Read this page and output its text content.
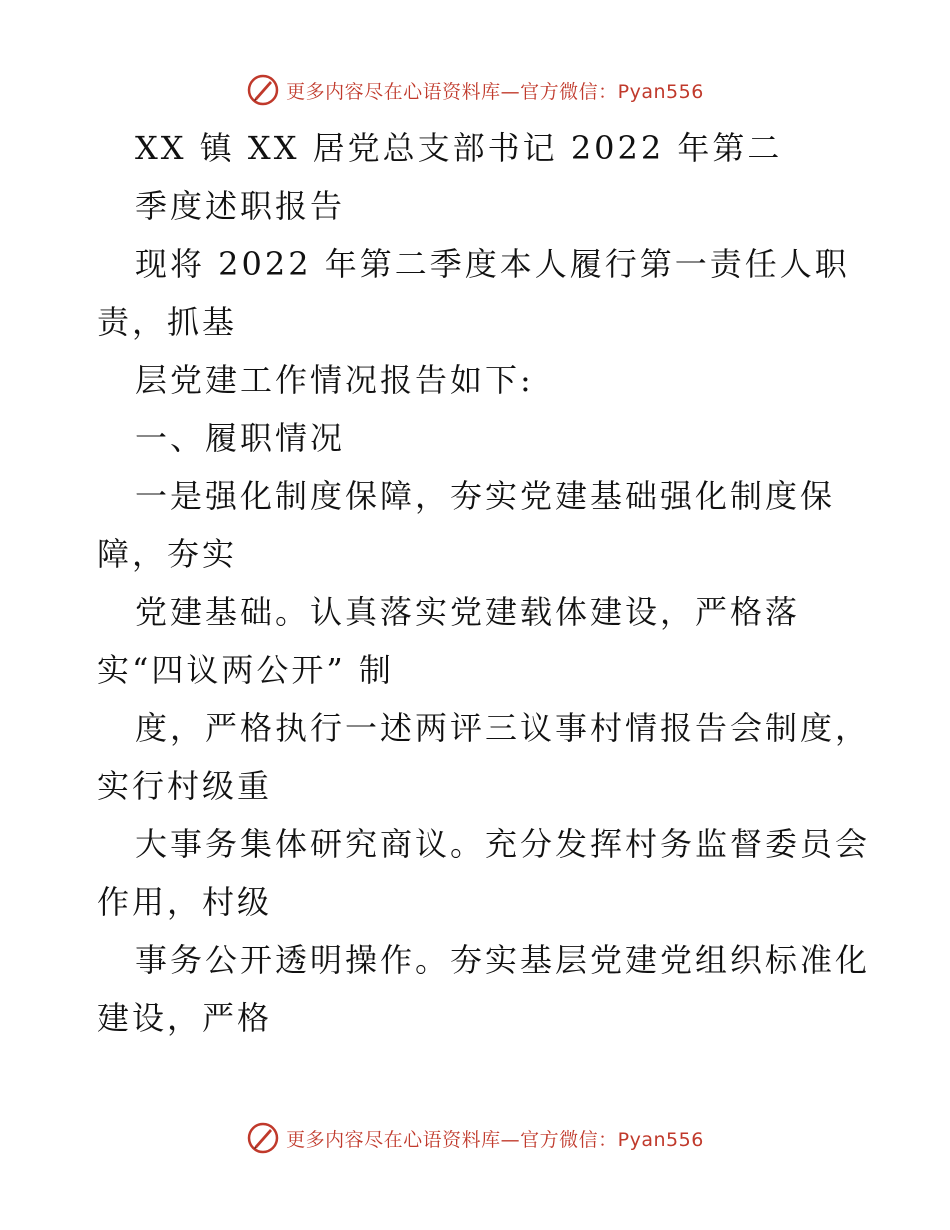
更多内容尽在心语资料库—官方微信：Pyan556
XX 镇 XX 居党总支部书记 2022 年第二
季度述职报告
现将 2022 年第二季度本人履行第一责任人职
责，抓基
层党建工作情况报告如下:
一、履职情况
一是强化制度保障，夯实党建基础强化制度保
障，夯实
党建基础。认真落实党建载体建设，严格落
实“四议两公开” 制
度，严格执行一述两评三议事村情报告会制度，
实行村级重
大事务集体研究商议。充分发挥村务监督委员会
作用，村级
事务公开透明操作。夯实基层党建党组织标准化
建设，严格
更多内容尽在心语资料库—官方微信：Pyan556
